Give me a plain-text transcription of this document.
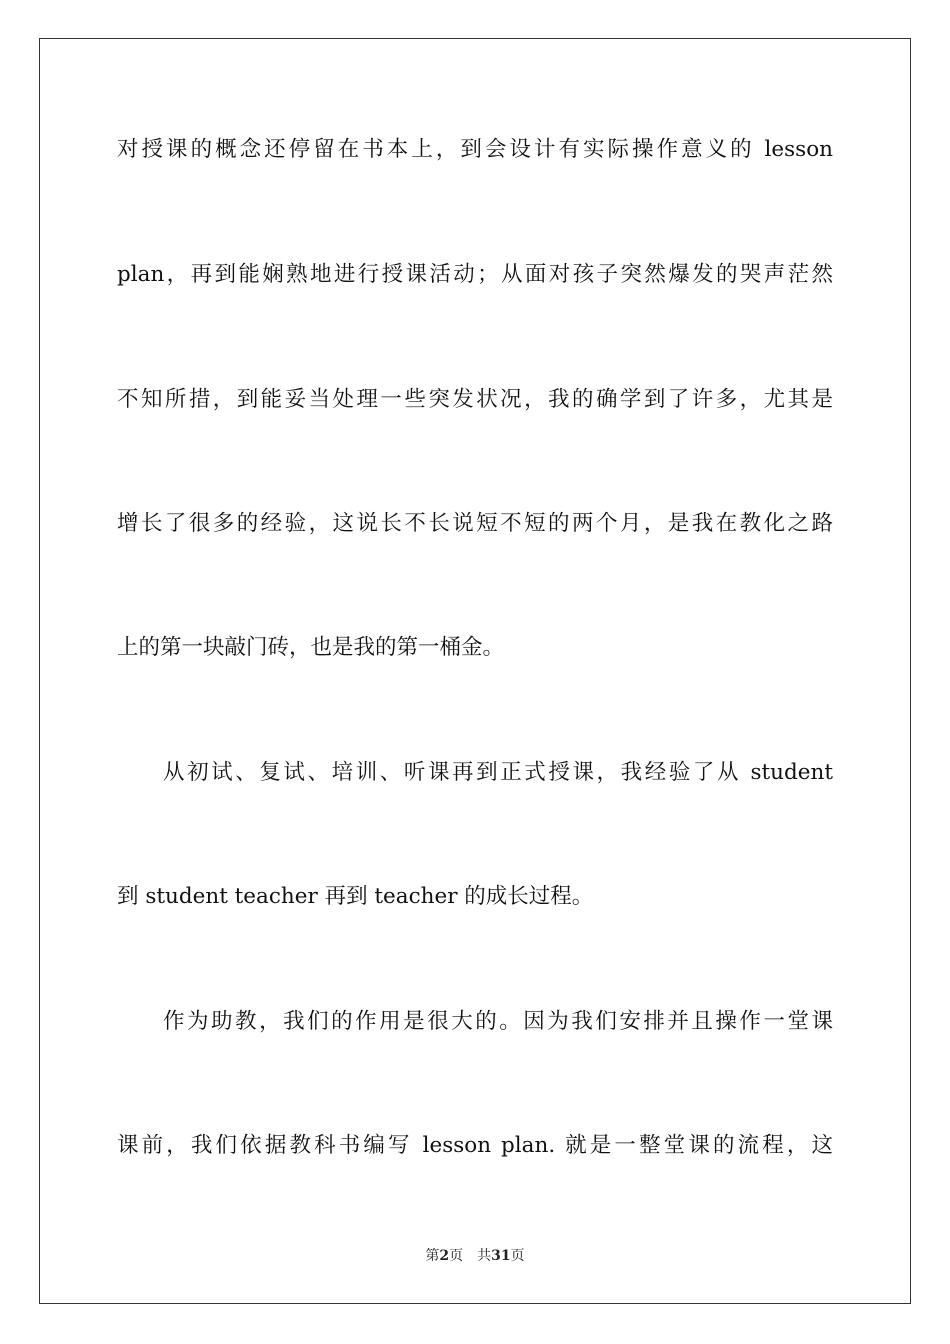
对授课的概念还停留在书本上，到会设计有实际操作意义的 lesson
plan，再到能娴熟地进行授课活动；从面对孩子突然爆发的哭声茫然
不知所措，到能妥当处理一些突发状况，我的确学到了许多，尤其是
增长了很多的经验，这说长不长说短不短的两个月，是我在教化之路
上的第一块敲门砖，也是我的第一桶金。
从初试、复试、培训、听课再到正式授课，我经验了从 student
到 student teacher 再到 teacher 的成长过程。
作为助教，我们的作用是很大的。因为我们安排并且操作一堂课
课前，我们依据教科书编写 lesson plan. 就是一整堂课的流程，这
第2页 共31页
